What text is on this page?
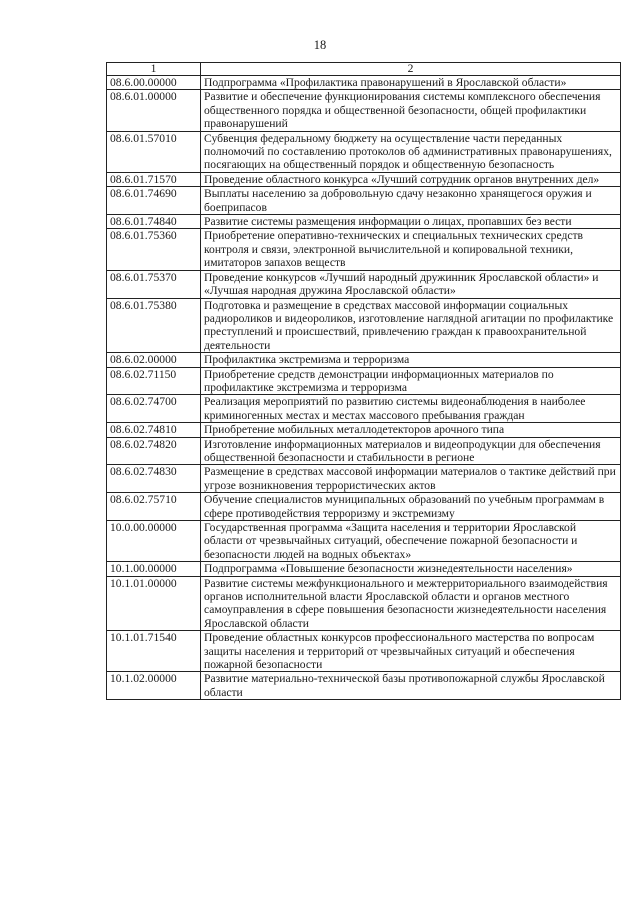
18
1	2
08.6.00.00000	Подпрограмма «Профилактика правонарушений в Ярославской области»
08.6.01.00000	Развитие и обеспечение функционирования системы комплексного обеспечения общественного порядка и общественной безопасности, общей профилактики правонарушений
08.6.01.57010	Субвенция федеральному бюджету на осуществление части переданных полномочий по составлению протоколов об административных правонарушениях, посягающих на общественный порядок и общественную безопасность
08.6.01.71570	Проведение областного конкурса «Лучший сотрудник органов внутренних дел»
08.6.01.74690	Выплаты населению за добровольную сдачу незаконно хранящегося оружия и боеприпасов
08.6.01.74840	Развитие системы размещения информации о лицах, пропавших без вести
08.6.01.75360	Приобретение оперативно-технических и специальных технических средств контроля и связи, электронной вычислительной и копировальной техники, имитаторов запахов веществ
08.6.01.75370	Проведение конкурсов «Лучший народный дружинник Ярославской области» и «Лучшая народная дружина Ярославской области»
08.6.01.75380	Подготовка и размещение в средствах массовой информации социальных радиороликов и видеороликов, изготовление наглядной агитации по профилактике преступлений и происшествий, привлечению граждан к правоохранительной деятельности
08.6.02.00000	Профилактика экстремизма и терроризма
08.6.02.71150	Приобретение средств демонстрации информационных материалов по профилактике экстремизма и терроризма
08.6.02.74700	Реализация мероприятий по развитию системы видеонаблюдения в наиболее криминогенных местах и местах массового пребывания граждан
08.6.02.74810	Приобретение мобильных металлодетекторов арочного типа
08.6.02.74820	Изготовление информационных материалов и видеопродукции для обеспечения общественной безопасности и стабильности в регионе
08.6.02.74830	Размещение в средствах массовой информации материалов о тактике действий при угрозе возникновения террористических актов
08.6.02.75710	Обучение специалистов муниципальных образований по учебным программам в сфере противодействия терроризму и экстремизму
10.0.00.00000	Государственная программа «Защита населения и территории Ярославской области от чрезвычайных ситуаций, обеспечение пожарной безопасности и безопасности людей на водных объектах»
10.1.00.00000	Подпрограмма «Повышение безопасности жизнедеятельности населения»
10.1.01.00000	Развитие системы межфункционального и межтерриториального взаимодействия органов исполнительной власти Ярославской области и органов местного самоуправления в сфере повышения безопасности жизнедеятельности населения Ярославской области
10.1.01.71540	Проведение областных конкурсов профессионального мастерства по вопросам защиты населения и территорий от чрезвычайных ситуаций и обеспечения пожарной безопасности
10.1.02.00000	Развитие материально-технической базы противопожарной службы Ярославской области
